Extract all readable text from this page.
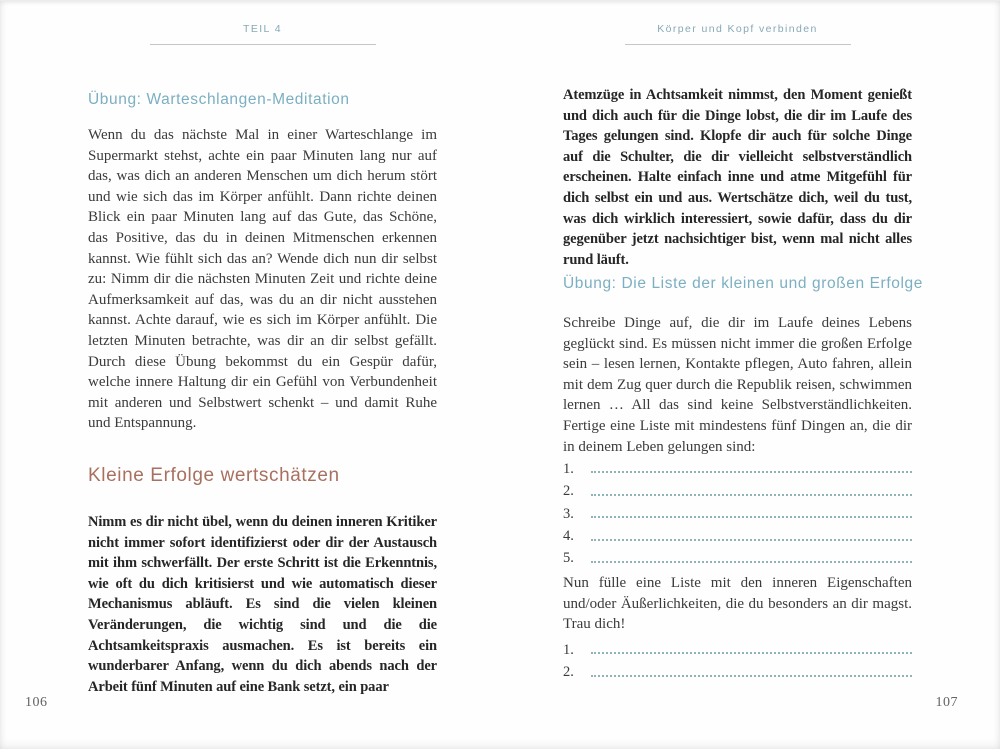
TEIL 4
Übung: Warteschlangen-Meditation

Wenn du das nächste Mal in einer Warteschlange im Supermarkt stehst, achte ein paar Minuten lang nur auf das, was dich an anderen Menschen um dich herum stört und wie sich das im Körper anfühlt. Dann richte deinen Blick ein paar Minuten lang auf das Gute, das Schöne, das Positive, das du in deinen Mitmenschen erkennen kannst. Wie fühlt sich das an? Wende dich nun dir selbst zu: Nimm dir die nächsten Minuten Zeit und richte deine Aufmerksamkeit auf das, was du an dir nicht ausstehen kannst. Achte darauf, wie es sich im Körper anfühlt. Die letzten Minuten betrachte, was dir an dir selbst gefällt. Durch diese Übung bekommst du ein Gespür dafür, welche innere Haltung dir ein Gefühl von Verbundenheit mit anderen und Selbstwert schenkt – und damit Ruhe und Entspannung.

Kleine Erfolge wertschätzen

Nimm es dir nicht übel, wenn du deinen inneren Kritiker nicht immer sofort identifizierst oder dir der Austausch mit ihm schwerfällt. Der erste Schritt ist die Erkenntnis, wie oft du dich kritisierst und wie automatisch dieser Mechanismus abläuft. Es sind die vielen kleinen Veränderungen, die wichtig sind und die die Achtsamkeitspraxis ausmachen. Es ist bereits ein wunderbarer Anfang, wenn du dich abends nach der Arbeit fünf Minuten auf eine Bank setzt, ein paar

106
Körper und Kopf verbinden

Atemzüge in Achtsamkeit nimmst, den Moment genießt und dich auch für die Dinge lobst, die dir im Laufe des Tages gelungen sind. Klopfe dir auch für solche Dinge auf die Schulter, die dir vielleicht selbstverständlich erscheinen. Halte einfach inne und atme Mitgefühl für dich selbst ein und aus. Wertschätze dich, weil du tust, was dich wirklich interessiert, sowie dafür, dass du dir gegenüber jetzt nachsichtiger bist, wenn mal nicht alles rund läuft.

Übung: Die Liste der kleinen und großen Erfolge

Schreibe Dinge auf, die dir im Laufe deines Lebens geglückt sind. Es müssen nicht immer die großen Erfolge sein – lesen lernen, Kontakte pflegen, Auto fahren, allein mit dem Zug quer durch die Republik reisen, schwimmen lernen … All das sind keine Selbstverständlichkeiten. Fertige eine Liste mit mindestens fünf Dingen an, die dir in deinem Leben gelungen sind:

1.
2.
3.
4.
5.

Nun fülle eine Liste mit den inneren Eigenschaften und/oder Äußerlichkeiten, die du besonders an dir magst. Trau dich!

1.
2.
107
